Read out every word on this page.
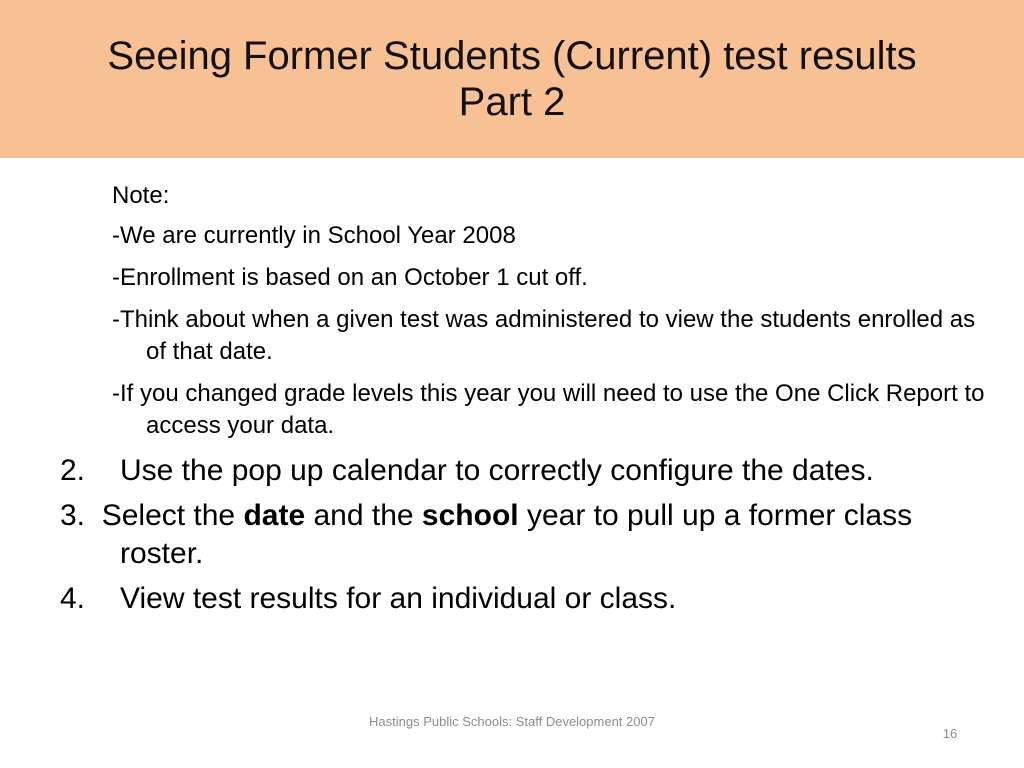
Seeing Former Students (Current) test results
Part 2

Note:

-We are currently in School Year 2008

-Enrollment is based on an October 1 cut off.

-Think about when a given test was administered to view the students enrolled as of that date.

-If you changed grade levels this year you will need to use the One Click Report to access your data.

2. Use the pop up calendar to correctly configure the dates.
3. Select the date and the school year to pull up a former class roster.
4. View test results for an individual or class.
Hastings Public Schools: Staff Development 2007
16
